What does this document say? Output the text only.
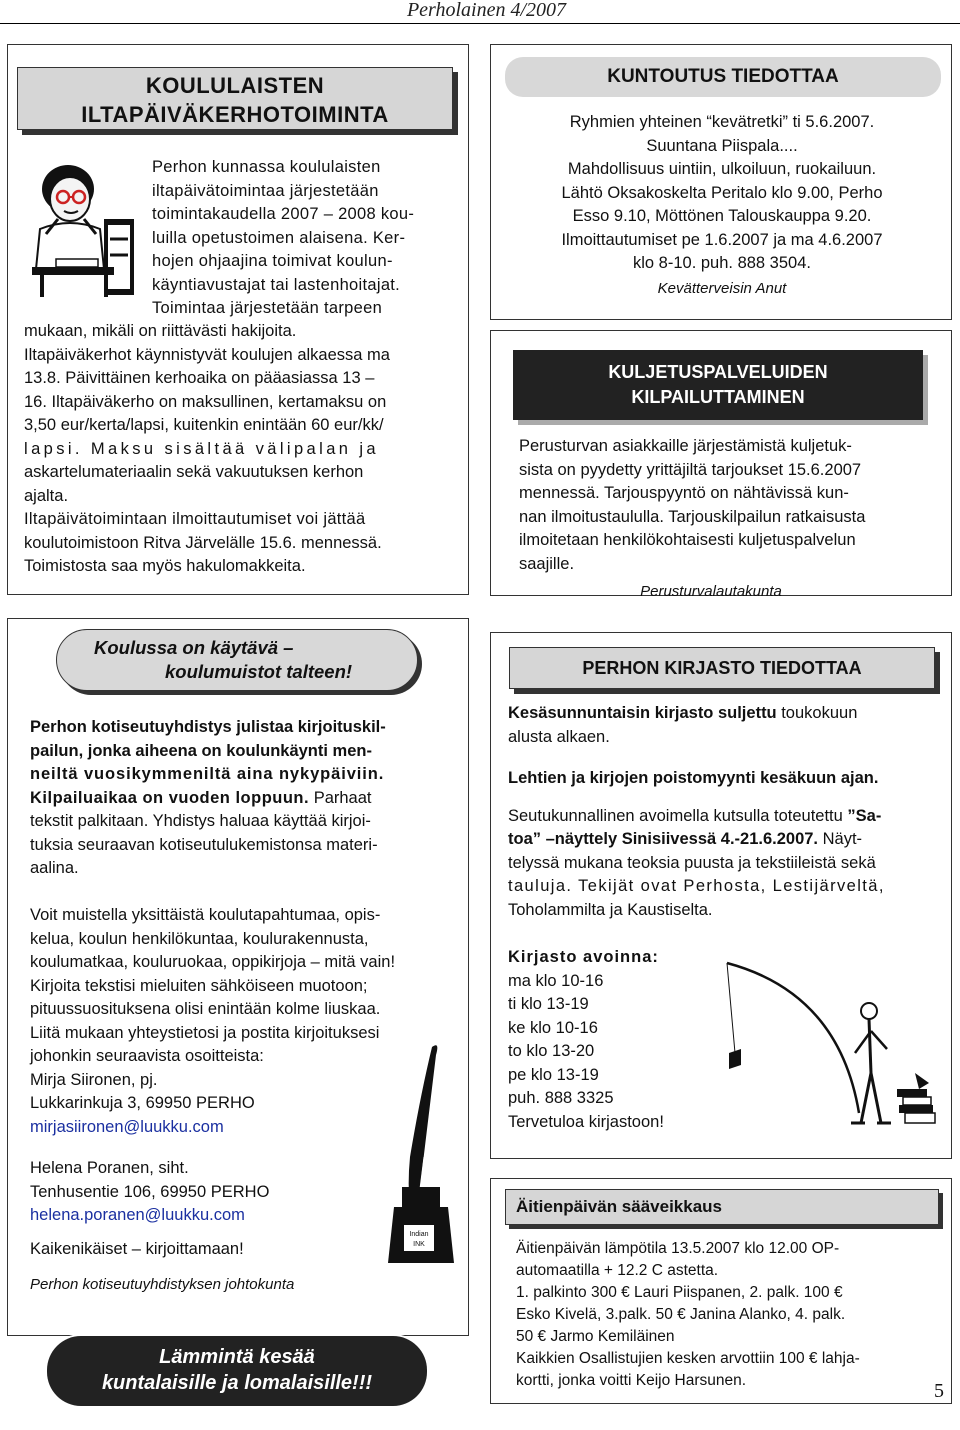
Perholainen 4/2007
KOULULAISTEN
ILTAPÄIVÄKERHOTOIMINTA

Perhon kunnassa koululaisten

iltapäivätoimintaa järjestetään

toimintakaudella 2007 – 2008 kou-

luilla opetustoimen alaisena. Ker-

hojen ohjaajina toimivat koulun-

käyntiavustajat tai lastenhoitajat.

Toimintaa järjestetään tarpeen

mukaan, mikäli on riittävästi hakijoita.

Iltapäiväkerhot käynnistyvät koulujen alkaessa ma

13.8. Päivittäinen kerhoaika on pääasiassa 13 –

16. Iltapäiväkerho on maksullinen, kertamaksu on

3,50 eur/kerta/lapsi, kuitenkin enintään 60 eur/kk/

lapsi. Maksu sisältää välipalan ja

askartelumateriaalin sekä vakuutuksen kerhon

ajalta.

Iltapäivätoimintaan ilmoittautumiset voi jättää

koulutoimistoon Ritva Järvelälle 15.6. mennessä.

Toimistosta saa myös hakulomakkeita.

KUNTOUTUS TIEDOTTAA

Ryhmien yhteinen “kevätretki” ti 5.6.2007.

Suuntana Piispala....

Mahdollisuus uintiin, ulkoiluun, ruokailuun.

Lähtö Oksakoskelta Peritalo klo 9.00, Perho

Esso 9.10, Möttönen Talouskauppa 9.20.

Ilmoittautumiset pe 1.6.2007 ja ma 4.6.2007

klo 8-10. puh. 888 3504.

Kevätterveisin Anut

KULJETUSPALVELUIDEN
KILPAILUTTAMINEN

Perusturvan asiakkaille järjestämistä kuljetuk-

sista on pyydetty yrittäjiltä tarjoukset 15.6.2007

mennessä. Tarjouspyyntö on nähtävissä kun-

nan ilmoitustaululla. Tarjouskilpailun ratkaisusta

ilmoitetaan henkilökohtaisesti kuljetuspalvelun

saajille.

Perusturvalautakunta
Koulussa on käytävä –
koulumuistot talteen!

Perhon kotiseutuyhdistys julistaa kirjoituskil-

pailun, jonka aiheena on koulunkäynti men-

neiltä vuosikymmeniltä aina nykypäiviin.

Kilpailuaikaa on vuoden loppuun. Parhaat

tekstit palkitaan. Yhdistys haluaa käyttää kirjoi-

tuksia seuraavan kotiseutulukemistonsa materi-

aalina.

Voit muistella yksittäistä koulutapahtumaa, opis-

kelua, koulun henkilökuntaa, koulurakennusta,

koulumatkaa, kouluruokaa, oppikirjoja – mitä vain!

Kirjoita tekstisi mieluiten sähköiseen muotoon;

pituussuosituksena olisi enintään kolme liuskaa.

Liitä mukaan yhteystietosi ja postita kirjoituksesi

johonkin seuraavista osoitteista:

Mirja Siironen, pj.

Lukkarinkuja 3, 69950 PERHO

mirjasiironen@luukku.com

Helena Poranen, siht.

Tenhusentie 106, 69950 PERHO

helena.poranen@luukku.com

Kaikenikäiset – kirjoittamaan!

Perhon kotiseutuyhdistyksen johtokunta

Indian
INK
Lämmintä kesää
kuntalaisille ja lomalaisille!!!
PERHON KIRJASTO TIEDOTTAA

Kesäsunnuntaisin kirjasto suljettu toukokuun

alusta alkaen.

Lehtien ja kirjojen poistomyynti kesäkuun ajan.

Seutukunnallinen avoimella kutsulla toteutettu ”Sa-

toa” –näyttely Sinisiivessä 4.-21.6.2007. Näyt-

telyssä mukana teoksia puusta ja tekstiileistä sekä

tauluja. Tekijät ovat Perhosta, Lestijärveltä,

Toholammilta ja Kaustiselta.

Kirjasto avoinna:

ma klo 10-16

ti klo 13-19

ke klo 10-16

to klo 13-20

pe klo 13-19

puh. 888 3325

Tervetuloa kirjastoon!

Äitienpäivän sääveikkaus

Äitienpäivän lämpötila 13.5.2007 klo 12.00 OP-

automaatilla + 12.2 C astetta.

1. palkinto 300 € Lauri Piispanen, 2. palk. 100 €

Esko Kivelä, 3.palk. 50 € Janina Alanko, 4. palk.

50 € Jarmo Kemiläinen

Kaikkien Osallistujien kesken arvottiin 100 € lahja-

kortti, jonka voitti Keijo Harsunen.	5
